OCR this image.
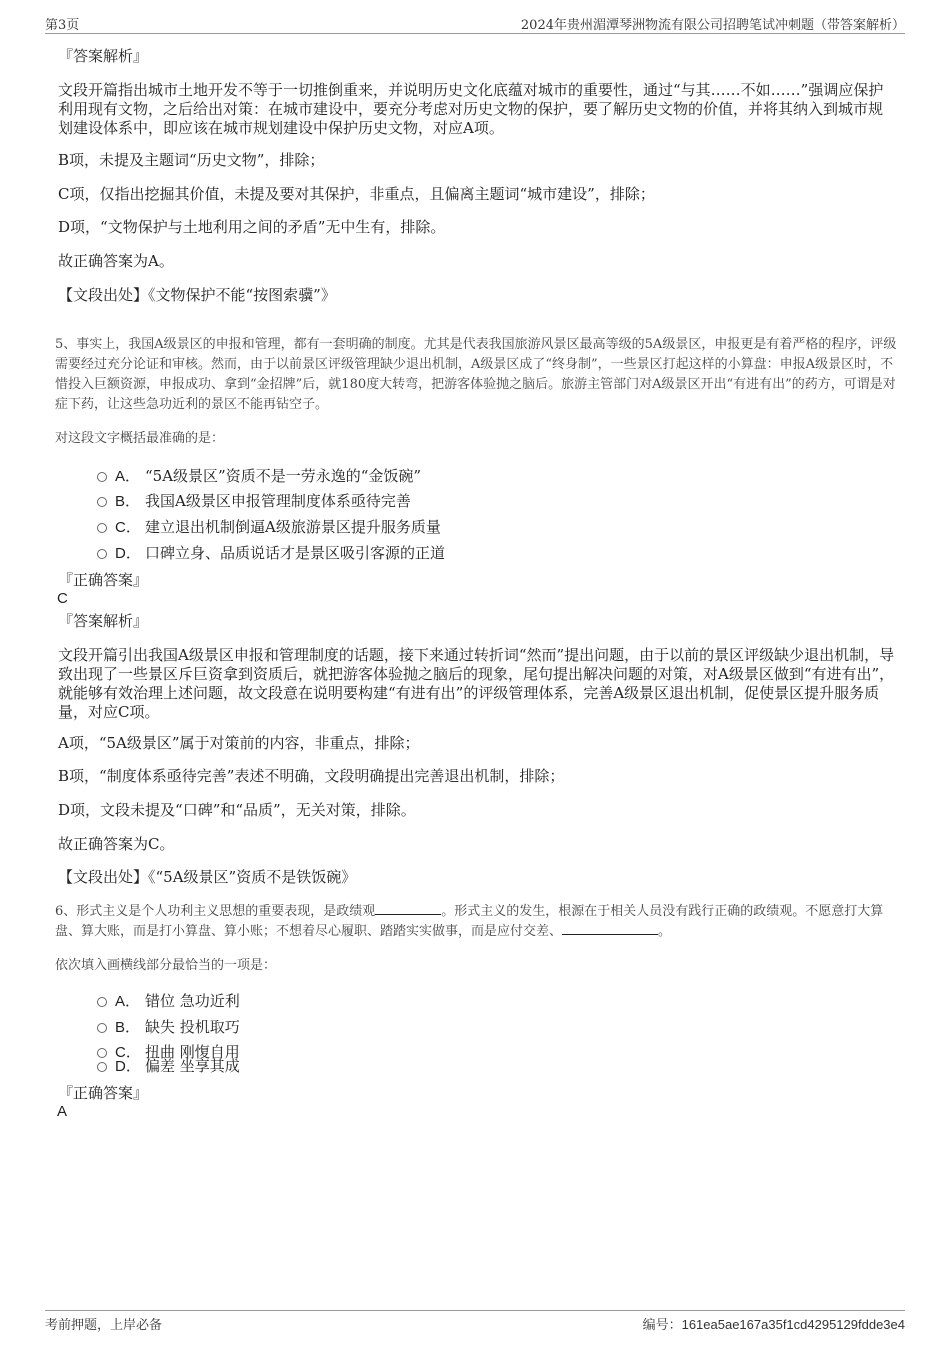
第3页	2024年贵州湄潭琴洲物流有限公司招聘笔试冲刺题（带答案解析）
『答案解析』
文段开篇指出城市土地开发不等于一切推倒重来，并说明历史文化底蕴对城市的重要性，通过“与其……不如……”强调应保护利用现有文物，之后给出对策：在城市建设中，要充分考虑对历史文物的保护，要了解历史文物的价值，并将其纳入到城市规划建设体系中，即应该在城市规划建设中保护历史文物，对应A项。
B项，未提及主题词“历史文物”，排除；
C项，仅指出挖掘其价值，未提及要对其保护，非重点，且偏离主题词“城市建设”，排除；
D项，“文物保护与土地利用之间的矛盾”无中生有，排除。
故正确答案为A。
【文段出处】《文物保护不能“按图索骥”》
5、事实上，我国A级景区的申报和管理，都有一套明确的制度。尤其是代表我国旅游风景区最高等级的5A级景区，申报更是有着严格的程序，评级需要经过充分论证和审核。然而，由于以前景区评级管理缺少退出机制，A级景区成了“终身制”，一些景区打起这样的小算盘：申报A级景区时，不惜投入巨额资源，申报成功、拿到“金招牌”后，就180度大转弯，把游客体验抛之脑后。旅游主管部门对A级景区开出“有进有出”的药方，可谓是对症下药，让这些急功近利的景区不能再钻空子。
对这段文字概括最准确的是：
A． “5A级景区”资质不是一劳永逸的“金饭碗”
B． 我国A级景区申报管理制度体系亟待完善
C． 建立退出机制倒逼A级旅游景区提升服务质量
D． 口碑立身、品质说话才是景区吸引客源的正道
『正确答案』
C
『答案解析』
文段开篇引出我国A级景区申报和管理制度的话题，接下来通过转折词“然而”提出问题，由于以前的景区评级缺少退出机制，导致出现了一些景区斥巨资拿到资质后，就把游客体验抛之脑后的现象，尾句提出解决问题的对策，对A级景区做到“有进有出”，就能够有效治理上述问题，故文段意在说明要构建“有进有出”的评级管理体系，完善A级景区退出机制，促使景区提升服务质量，对应C项。
A项，“5A级景区”属于对策前的内容，非重点，排除；
B项，“制度体系亟待完善”表述不明确，文段明确提出完善退出机制，排除；
D项，文段未提及“口碑”和“品质”，无关对策，排除。
故正确答案为C。
【文段出处】《“5A级景区”资质不是铁饭碗》
6、形式主义是个人功利主义思想的重要表现，是政绩观	。形式主义的发生，根源在于相关人员没有践行正确的政绩观。不愿意打大算盘、算大账，而是打小算盘、算小账；不想着尽心履职、踏踏实实做事，而是应付交差、	。
依次填入画横线部分最恰当的一项是：
A． 错位 急功近利
B． 缺失 投机取巧
C． 扭曲 刚愎自用
D． 偏差 坐享其成
『正确答案』
A
考前押题，上岸必备	编号：161ea5ae167a35f1cd4295129fdde3e4
